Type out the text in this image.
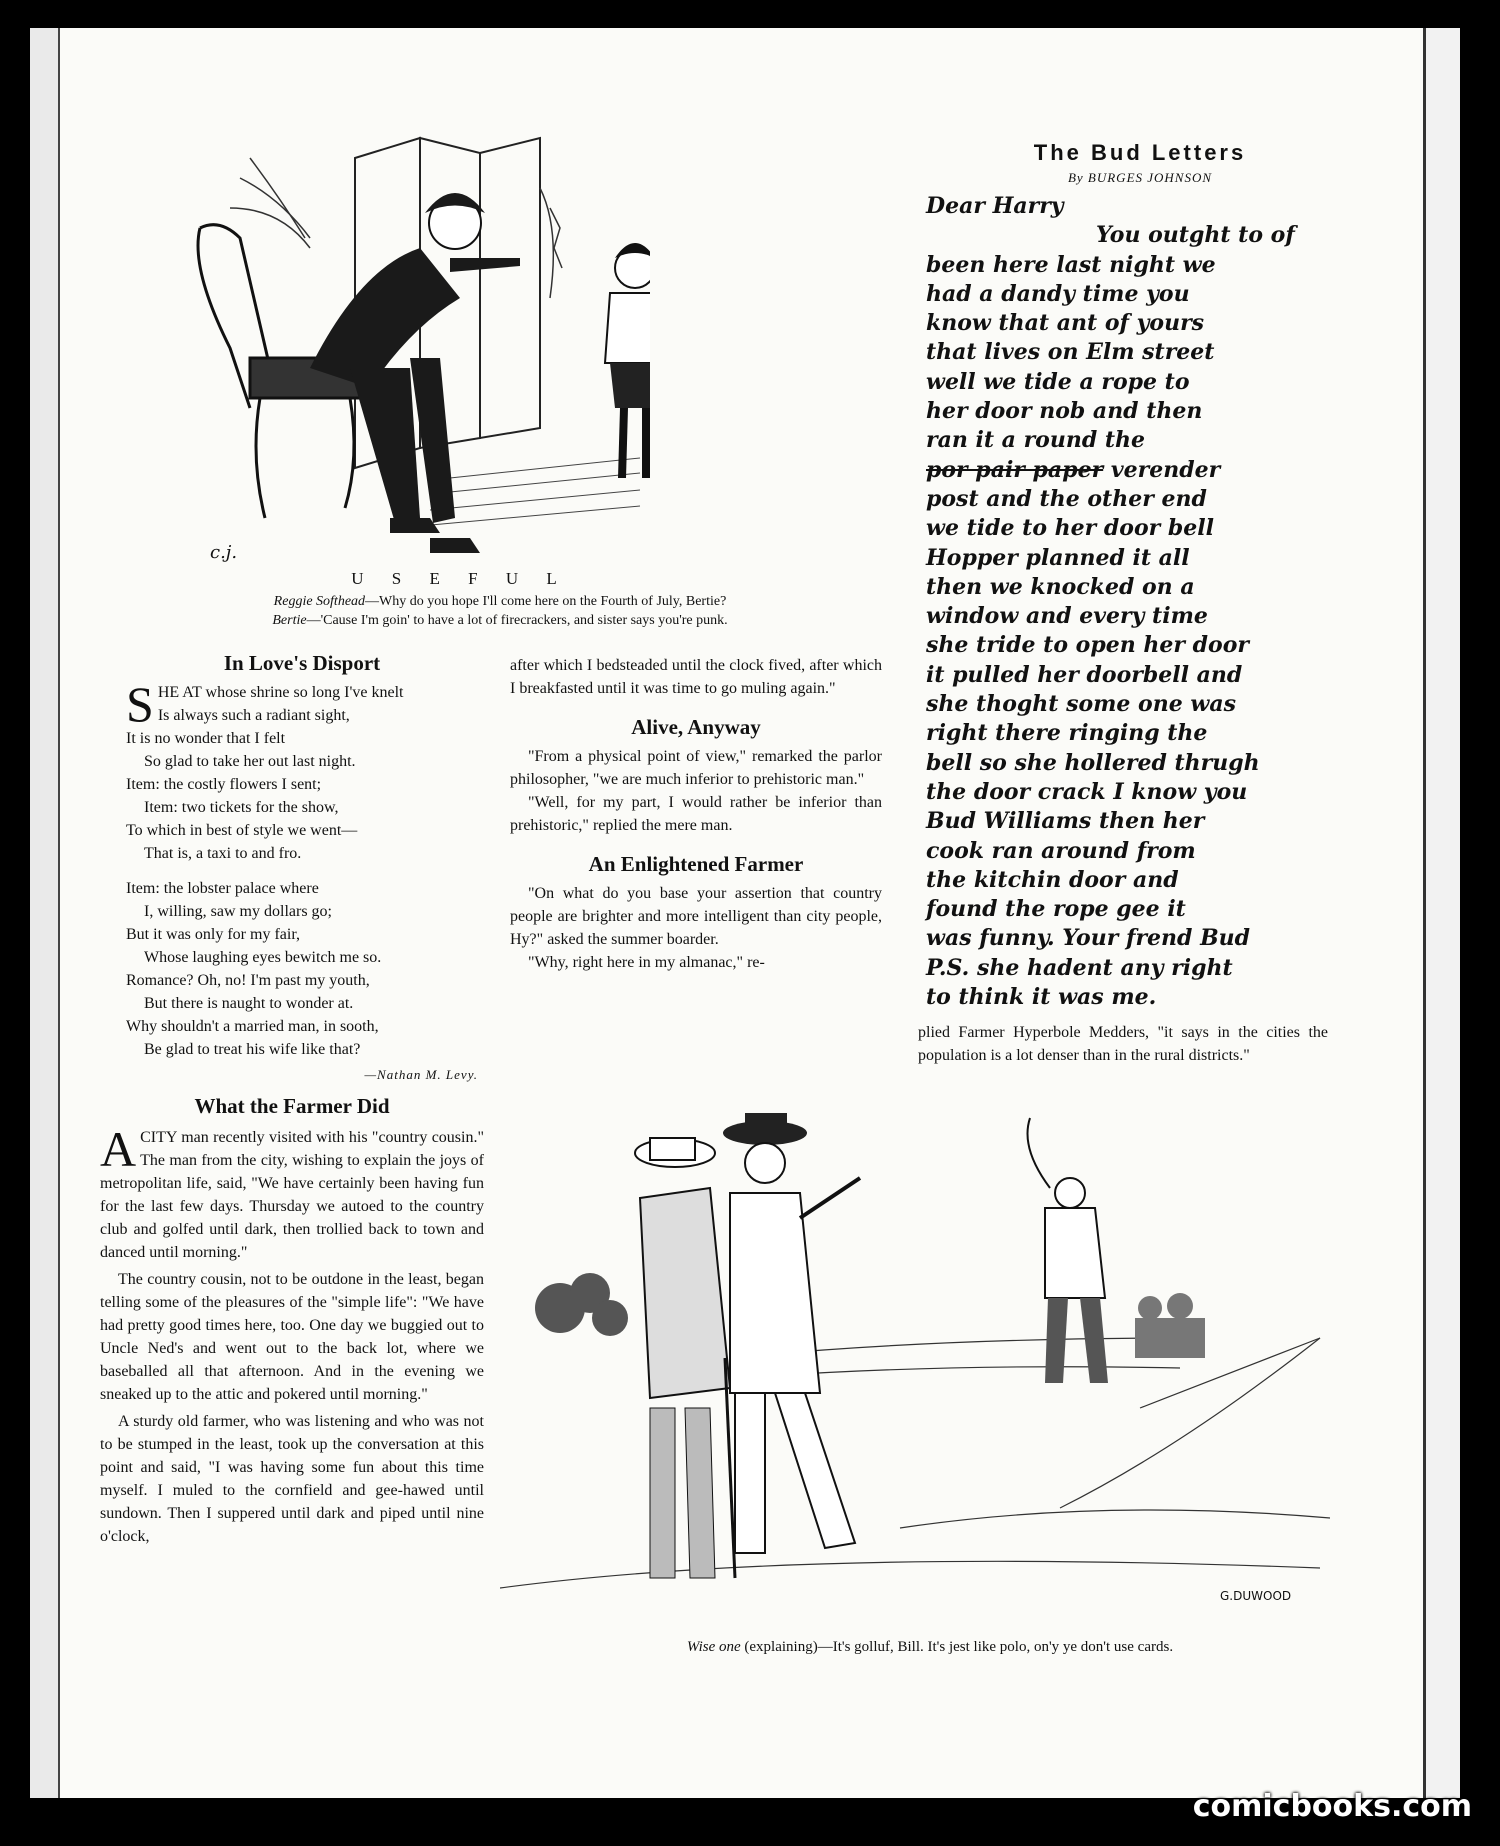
c.j.
U S E F U L
Reggie Softhead—Why do you hope I'll come here on the Fourth of July, Bertie?
Bertie—'Cause I'm goin' to have a lot of firecrackers, and sister says you're punk.
In Love's Disport
SHE AT whose shrine so long I've knelt
Is always such a radiant sight,
It is no wonder that I felt
So glad to take her out last night.
Item: the costly flowers I sent;
Item: two tickets for the show,
To which in best of style we went—
That is, a taxi to and fro.
Item: the lobster palace where
I, willing, saw my dollars go;
But it was only for my fair,
Whose laughing eyes bewitch me so.
Romance? Oh, no! I'm past my youth,
But there is naught to wonder at.
Why shouldn't a married man, in sooth,
Be glad to treat his wife like that?
—Nathan M. Levy.
What the Farmer Did

ACITY man recently visited with his "country cousin." The man from the city, wishing to explain the joys of metropolitan life, said, "We have certainly been having fun for the last few days. Thursday we autoed to the country club and golfed until dark, then trollied back to town and danced until morning."

The country cousin, not to be outdone in the least, began telling some of the pleasures of the "simple life": "We have had pretty good times here, too. One day we buggied out to Uncle Ned's and went out to the back lot, where we baseballed all that afternoon. And in the evening we sneaked up to the attic and pokered until morning."

A sturdy old farmer, who was listening and who was not to be stumped in the least, took up the conversation at this point and said, "I was having some fun about this time myself. I muled to the cornfield and gee-hawed until sundown. Then I suppered until dark and piped until nine o'clock,

after which I bedsteaded until the clock fived, after which I breakfasted until it was time to go muling again."

Alive, Anyway

"From a physical point of view," remarked the parlor philosopher, "we are much inferior to prehistoric man."

"Well, for my part, I would rather be inferior than prehistoric," replied the mere man.

An Enlightened Farmer

"On what do you base your assertion that country people are brighter and more intelligent than city people, Hy?" asked the summer boarder.

"Why, right here in my almanac," re-

The Bud Letters
By BURGES JOHNSON
Dear Harry
You outght to of
been here last night we
had a dandy time you
know that ant of yours
that lives on Elm street
well we tide a rope to
her door nob and then
ran it a round the
por pair paper verender
post and the other end
we tide to her door bell
Hopper planned it all
then we knocked on a
window and every time
she tride to open her door
it pulled her doorbell and
she thoght some one was
right there ringing the
bell so she hollered thrugh
the door crack I know you
Bud Williams then her
cook ran around from
the kitchin door and
found the rope gee it
was funny. Your frend Bud
P.S. she hadent any right
to think it was me.

plied Farmer Hyperbole Medders, "it says in the cities the population is a lot denser than in the rural districts."

G.DUWOOD
Wise one (explaining)—It's golluf, Bill. It's jest like polo, on'y ye don't use cards.
comicbooks.com
